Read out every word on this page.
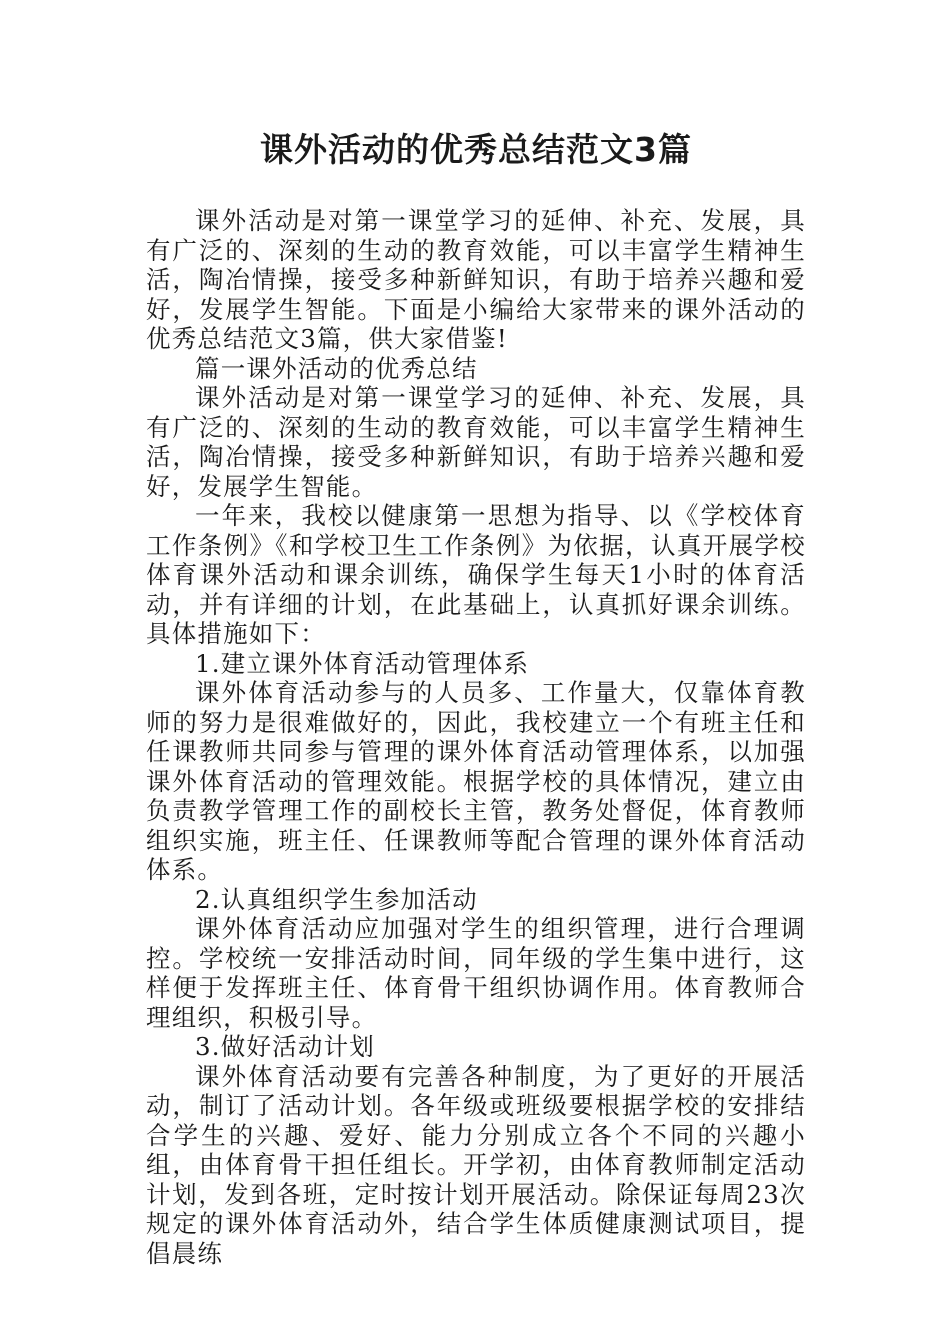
课外活动的优秀总结范文3篇

课外活动是对第一课堂学习的延伸、补充、发展，具有广泛的、深刻的生动的教育效能，可以丰富学生精神生活，陶冶情操，接受多种新鲜知识，有助于培养兴趣和爱好，发展学生智能。下面是小编给大家带来的课外活动的优秀总结范文3篇，供大家借鉴!

篇一课外活动的优秀总结

课外活动是对第一课堂学习的延伸、补充、发展，具有广泛的、深刻的生动的教育效能，可以丰富学生精神生活，陶冶情操，接受多种新鲜知识，有助于培养兴趣和爱好，发展学生智能。

一年来，我校以健康第一思想为指导、以《学校体育工作条例》《和学校卫生工作条例》为依据，认真开展学校体育课外活动和课余训练，确保学生每天1小时的体育活动，并有详细的计划，在此基础上，认真抓好课余训练。具体措施如下：

1.建立课外体育活动管理体系

课外体育活动参与的人员多、工作量大，仅靠体育教师的努力是很难做好的，因此，我校建立一个有班主任和任课教师共同参与管理的课外体育活动管理体系，以加强课外体育活动的管理效能。根据学校的具体情况，建立由负责教学管理工作的副校长主管，教务处督促，体育教师组织实施，班主任、任课教师等配合管理的课外体育活动体系。

2.认真组织学生参加活动

课外体育活动应加强对学生的组织管理，进行合理调控。学校统一安排活动时间，同年级的学生集中进行，这样便于发挥班主任、体育骨干组织协调作用。体育教师合理组织，积极引导。

3.做好活动计划

课外体育活动要有完善各种制度，为了更好的开展活动，制订了活动计划。各年级或班级要根据学校的安排结合学生的兴趣、爱好、能力分别成立各个不同的兴趣小组，由体育骨干担任组长。开学初，由体育教师制定活动计划，发到各班，定时按计划开展活动。除保证每周23次规定的课外体育活动外，结合学生体质健康测试项目，提倡晨练
